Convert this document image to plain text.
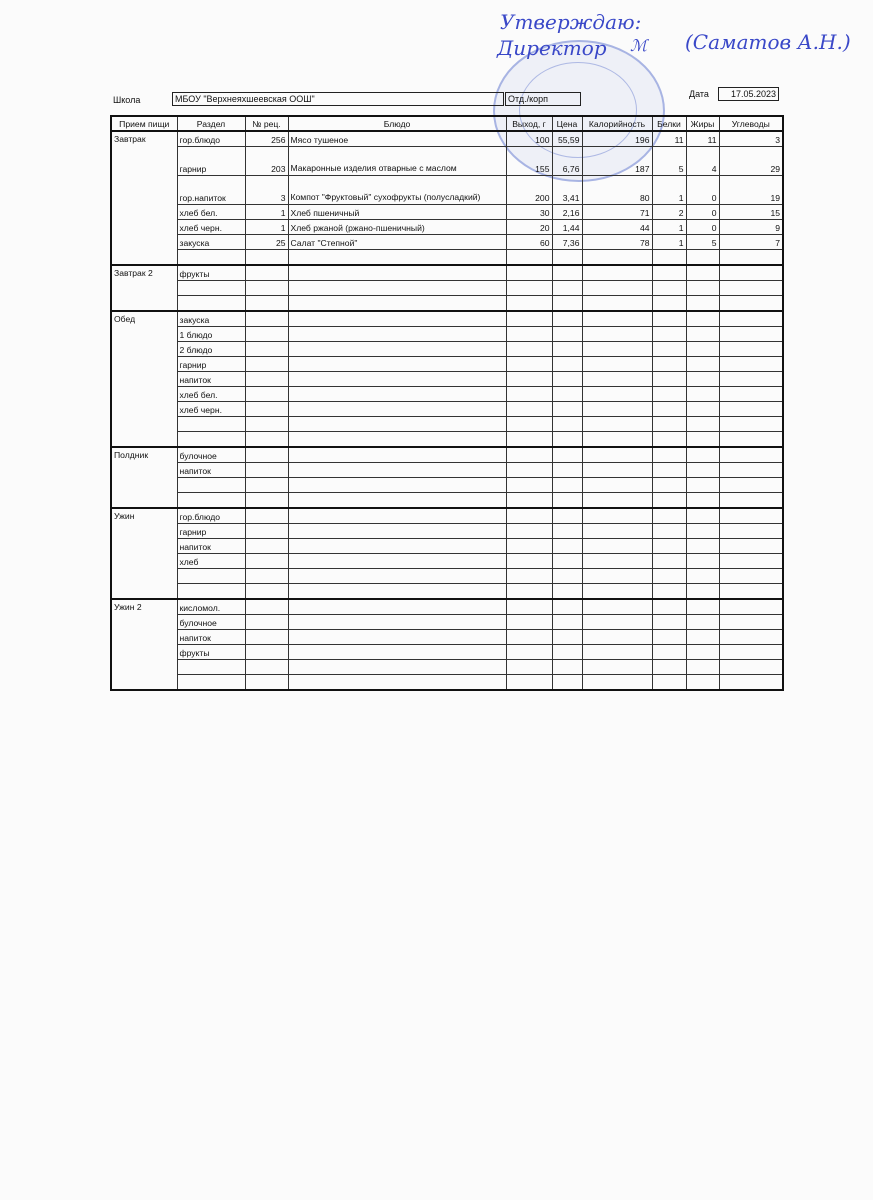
Утверждаю:
Директор ℳ (Саматов А.Н.)
Школа	МБОУ "Верхнеяхшеевская ООШ"	Отд./корп	Дата	17.05.2023
Прием пищи	Раздел	№ рец.	Блюдо	Выход, г	Цена	Калорийность	Белки	Жиры	Углеводы
Завтрак	гор.блюдо	256	Мясо тушеное	100	55,59	196	11	11	3
	гарнир	203	Макаронные изделия отварные с маслом	155	6,76	187	5	4	29
	гор.напиток	3	Компот "Фруктовый" сухофрукты (полусладкий)	200	3,41	80	1	0	19
	хлеб бел.	1	Хлеб пшеничный	30	2,16	71	2	0	15
	хлеб черн.	1	Хлеб ржаной (ржано-пшеничный)	20	1,44	44	1	0	9
	закуска	25	Салат "Степной"	60	7,36	78	1	5	7

Завтрак 2	фрукты								

Обед	закуска								
	1 блюдо								
	2 блюдо								
	гарнир								
	напиток								
	хлеб бел.								
	хлеб черн.								

Полдник	булочное								
	напиток								

Ужин	гор.блюдо								
	гарнир								
	напиток								
	хлеб								

Ужин 2	кисломол.								
	булочное								
	напиток								
	фрукты								
